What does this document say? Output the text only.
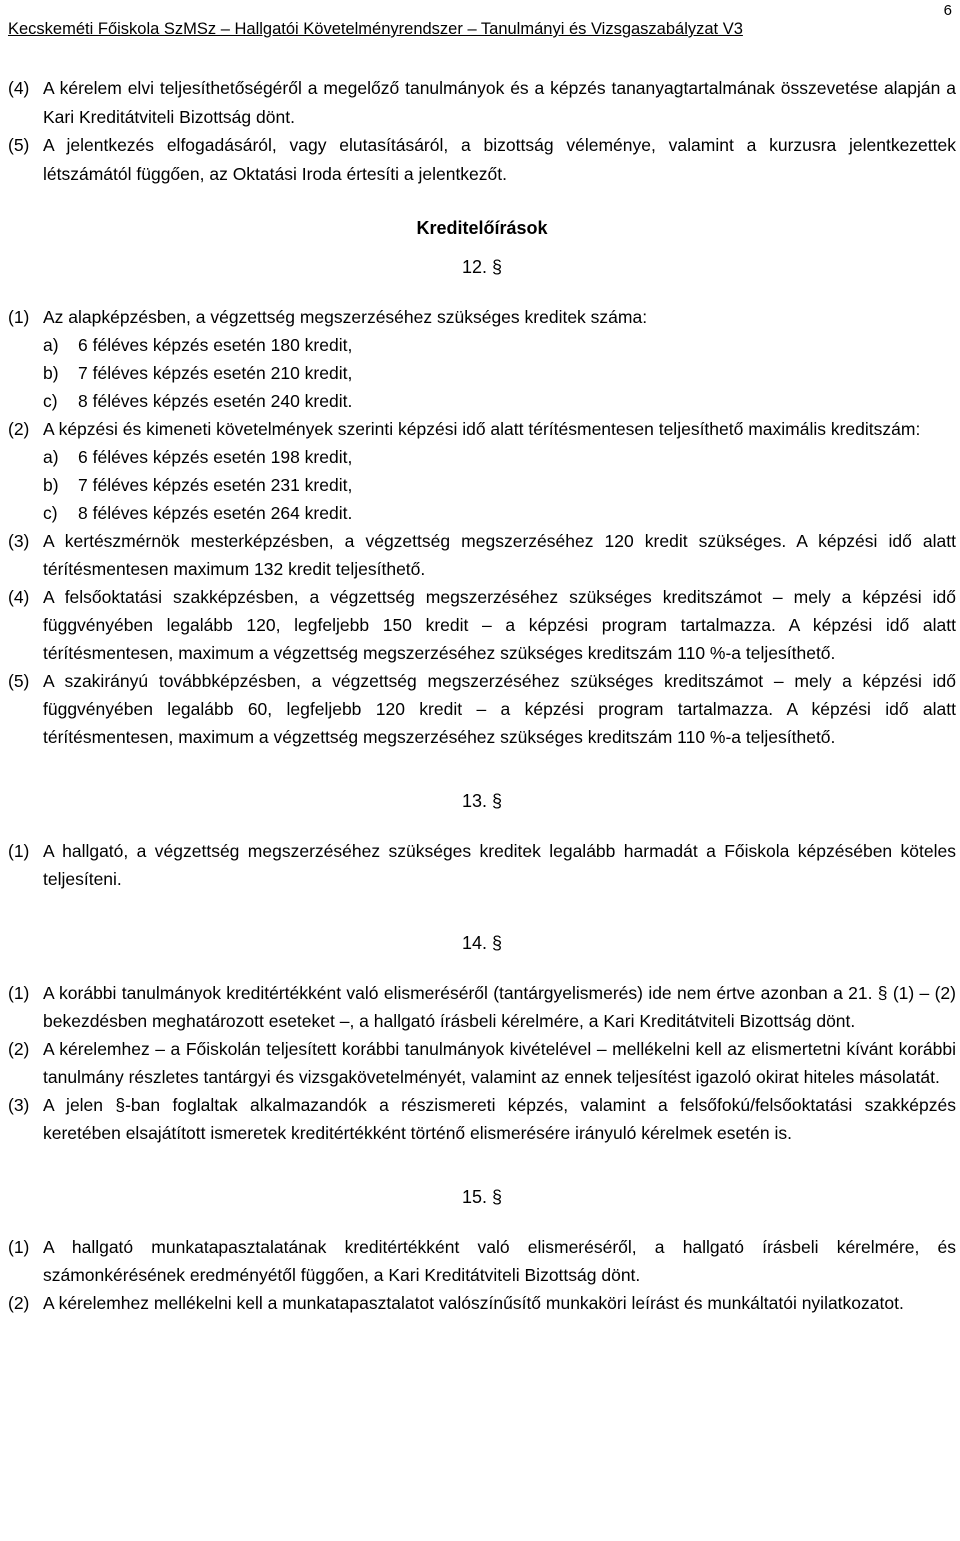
Kecskeméti Főiskola SzMSz – Hallgatói Követelményrendszer – Tanulmányi és Vizsgaszabályzat V3
6
(4) A kérelem elvi teljesíthetőségéről a megelőző tanulmányok és a képzés tananyagtartalmának összevetése alapján a Kari Kreditátviteli Bizottság dönt.
(5) A jelentkezés elfogadásáról, vagy elutasításáról, a bizottság véleménye, valamint a kurzusra jelentkezettek létszámától függően, az Oktatási Iroda értesíti a jelentkezőt.
Kreditelőírások
12. §
(1) Az alapképzésben, a végzettség megszerzéséhez szükséges kreditek száma:
a) 6 féléves képzés esetén 180 kredit,
b) 7 féléves képzés esetén 210 kredit,
c) 8 féléves képzés esetén 240 kredit.
(2) A képzési és kimeneti követelmények szerinti képzési idő alatt térítésmentesen teljesíthető maximális kreditszám:
a) 6 féléves képzés esetén 198 kredit,
b) 7 féléves képzés esetén 231 kredit,
c) 8 féléves képzés esetén 264 kredit.
(3) A kertészmérnök mesterképzésben, a végzettség megszerzéséhez 120 kredit szükséges. A képzési idő alatt térítésmentesen maximum 132 kredit teljesíthető.
(4) A felsőoktatási szakképzésben, a végzettség megszerzéséhez szükséges kreditszámot – mely a képzési idő függvényében legalább 120, legfeljebb 150 kredit – a képzési program tartalmazza. A képzési idő alatt térítésmentesen, maximum a végzettség megszerzéséhez szükséges kreditszám 110 %-a teljesíthető.
(5) A szakirányú továbbképzésben, a végzettség megszerzéséhez szükséges kreditszámot – mely a képzési idő függvényében legalább 60, legfeljebb 120 kredit – a képzési program tartalmazza. A képzési idő alatt térítésmentesen, maximum a végzettség megszerzéséhez szükséges kreditszám 110 %-a teljesíthető.
13. §
(1) A hallgató, a végzettség megszerzéséhez szükséges kreditek legalább harmadát a Főiskola képzésében köteles teljesíteni.
14. §
(1) A korábbi tanulmányok kreditértékként való elismeréséről (tantárgyelismerés) ide nem értve azonban a 21. § (1) – (2) bekezdésben meghatározott eseteket –, a hallgató írásbeli kérelmére, a Kari Kreditátviteli Bizottság dönt.
(2) A kérelemhez – a Főiskolán teljesített korábbi tanulmányok kivételével – mellékelni kell az elismertetni kívánt korábbi tanulmány részletes tantárgyi és vizsgakövetelményét, valamint az ennek teljesítést igazoló okirat hiteles másolatát.
(3) A jelen §-ban foglaltak alkalmazandók a részismereti képzés, valamint a felsőfokú/felsőoktatási szakképzés keretében elsajátított ismeretek kreditértékként történő elismerésére irányuló kérelmek esetén is.
15. §
(1) A hallgató munkatapasztalatának kreditértékként való elismeréséről, a hallgató írásbeli kérelmére, és számonkérésének eredményétől függően, a Kari Kreditátviteli Bizottság dönt.
(2) A kérelemhez mellékelni kell a munkatapasztalatot valószínűsítő munkaköri leírást és munkáltatói nyilatkozatot.
